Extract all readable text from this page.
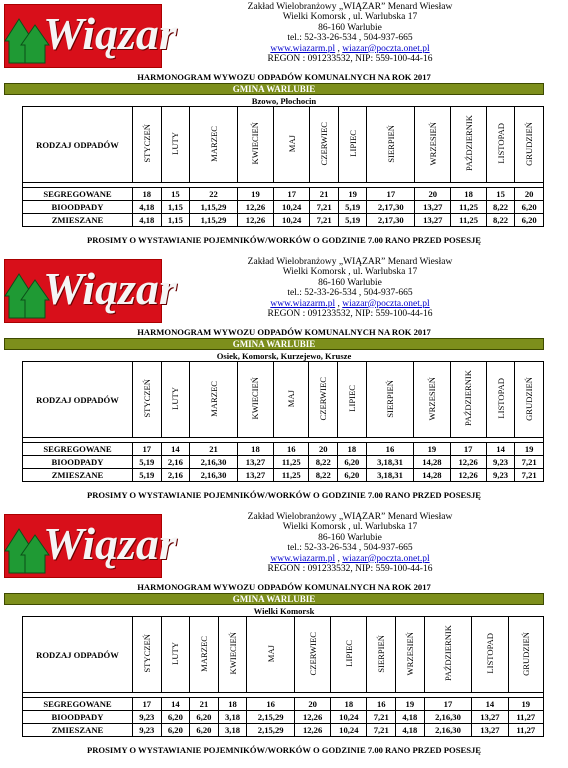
Wiązar
Zakład Wielobranżowy „WIĄZAR” Menard Wiesław
Wielki Komorsk , ul. Warlubska 17
86-160 Warlubie
tel.: 52-33-26-534 , 504-937-665
www.wiazarm.pl , wiazar@poczta.onet.pl
REGON : 091233532, NIP: 559-100-44-16
HARMONOGRAM WYWOZU ODPADÓW KOMUNALNYCH NA ROK 2017
GMINA WARLUBIE
Bzowo, Płochocin
RODZAJ ODPADÓW	STYCZEŃ	LUTY	MARZEC	KWIECIEŃ	MAJ	CZERWIEC	LIPIEC	SIERPIEŃ	WRZESIEŃ	PAŹDZIERNIK	LISTOPAD	GRUDZIEŃ

SEGREGOWANE	18	15	22	19	17	21	19	17	20	18	15	20
BIOODPADY	4,18	1,15	1,15,29	12,26	10,24	7,21	5,19	2,17,30	13,27	11,25	8,22	6,20
ZMIESZANE	4,18	1,15	1,15,29	12,26	10,24	7,21	5,19	2,17,30	13,27	11,25	8,22	6,20
PROSIMY O WYSTAWIANIE POJEMNIKÓW/WORKÓW O GODZINIE 7.00 RANO PRZED POSESJĘ
Wiązar
Zakład Wielobranżowy „WIĄZAR” Menard Wiesław
Wielki Komorsk , ul. Warlubska 17
86-160 Warlubie
tel.: 52-33-26-534 , 504-937-665
www.wiazarm.pl , wiazar@poczta.onet.pl
REGON : 091233532, NIP: 559-100-44-16
HARMONOGRAM WYWOZU ODPADÓW KOMUNALNYCH NA ROK 2017
GMINA WARLUBIE
Osiek, Komorsk, Kurzejewo, Krusze
RODZAJ ODPADÓW	STYCZEŃ	LUTY	MARZEC	KWIECIEŃ	MAJ	CZERWIEC	LIPIEC	SIERPIEŃ	WRZESIEŃ	PAŹDZIERNIK	LISTOPAD	GRUDZIEŃ

SEGREGOWANE	17	14	21	18	16	20	18	16	19	17	14	19
BIOODPADY	5,19	2,16	2,16,30	13,27	11,25	8,22	6,20	3,18,31	14,28	12,26	9,23	7,21
ZMIESZANE	5,19	2,16	2,16,30	13,27	11,25	8,22	6,20	3,18,31	14,28	12,26	9,23	7,21
PROSIMY O WYSTAWIANIE POJEMNIKÓW/WORKÓW O GODZINIE 7.00 RANO PRZED POSESJĘ
Wiązar
Zakład Wielobranżowy „WIĄZAR” Menard Wiesław
Wielki Komorsk , ul. Warlubska 17
86-160 Warlubie
tel.: 52-33-26-534 , 504-937-665
www.wiazarm.pl , wiazar@poczta.onet.pl
REGON : 091233532, NIP: 559-100-44-16
HARMONOGRAM WYWOZU ODPADÓW KOMUNALNYCH NA ROK 2017
GMINA WARLUBIE
Wielki Komorsk
RODZAJ ODPADÓW	STYCZEŃ	LUTY	MARZEC	KWIECIEŃ	MAJ	CZERWIEC	LIPIEC	SIERPIEŃ	WRZESIEŃ	PAŹDZIERNIK	LISTOPAD	GRUDZIEŃ

SEGREGOWANE	17	14	21	18	16	20	18	16	19	17	14	19
BIOODPADY	9,23	6,20	6,20	3,18	2,15,29	12,26	10,24	7,21	4,18	2,16,30	13,27	11,27
ZMIESZANE	9,23	6,20	6,20	3,18	2,15,29	12,26	10,24	7,21	4,18	2,16,30	13,27	11,27
PROSIMY O WYSTAWIANIE POJEMNIKÓW/WORKÓW O GODZINIE 7.00 RANO PRZED POSESJĘ
